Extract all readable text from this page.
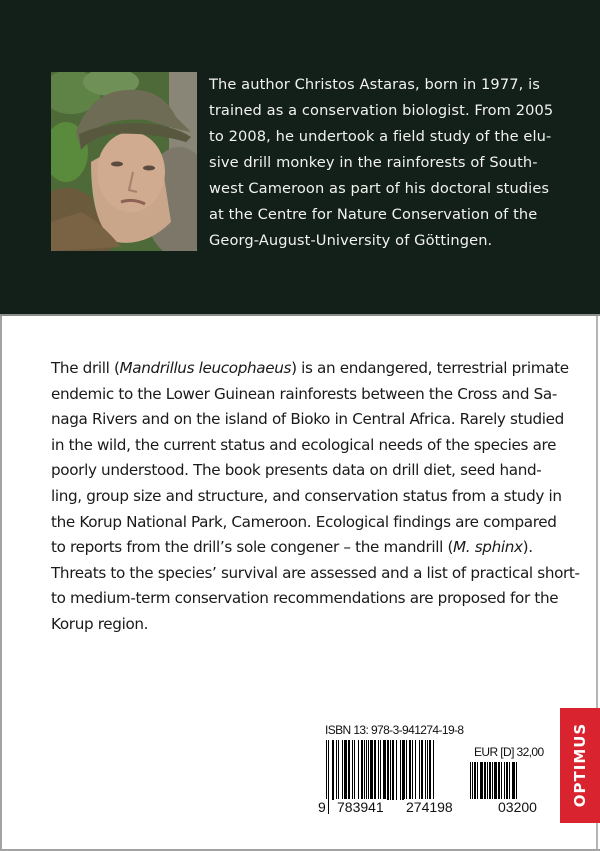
The author Christos Astaras, born in 1977, is
trained as a conservation biologist. From 2005
to 2008, he undertook a field study of the elu-
sive drill monkey in the rainforests of South-
west Cameroon as part of his doctoral studies
at the Centre for Nature Conservation of the
Georg-August-University of Göttingen.
The drill (Mandrillus leucophaeus) is an endangered, terrestrial primate
endemic to the Lower Guinean rainforests between the Cross and Sa-
naga Rivers and on the island of Bioko in Central Africa. Rarely studied
in the wild, the current status and ecological needs of the species are
poorly understood. The book presents data on drill diet, seed hand-
ling, group size and structure, and conservation status from a study in
the Korup National Park, Cameroon. Ecological findings are compared
to reports from the drill’s sole congener – the mandrill (M. sphinx).
Threats to the species’ survival are assessed and a list of practical short-
to medium-term conservation recommendations are proposed for the
Korup region.
ISBN 13: 978-3-941274-19-8
9 783941 274198
EUR [D] 32,00
03200 OPTIMUS
